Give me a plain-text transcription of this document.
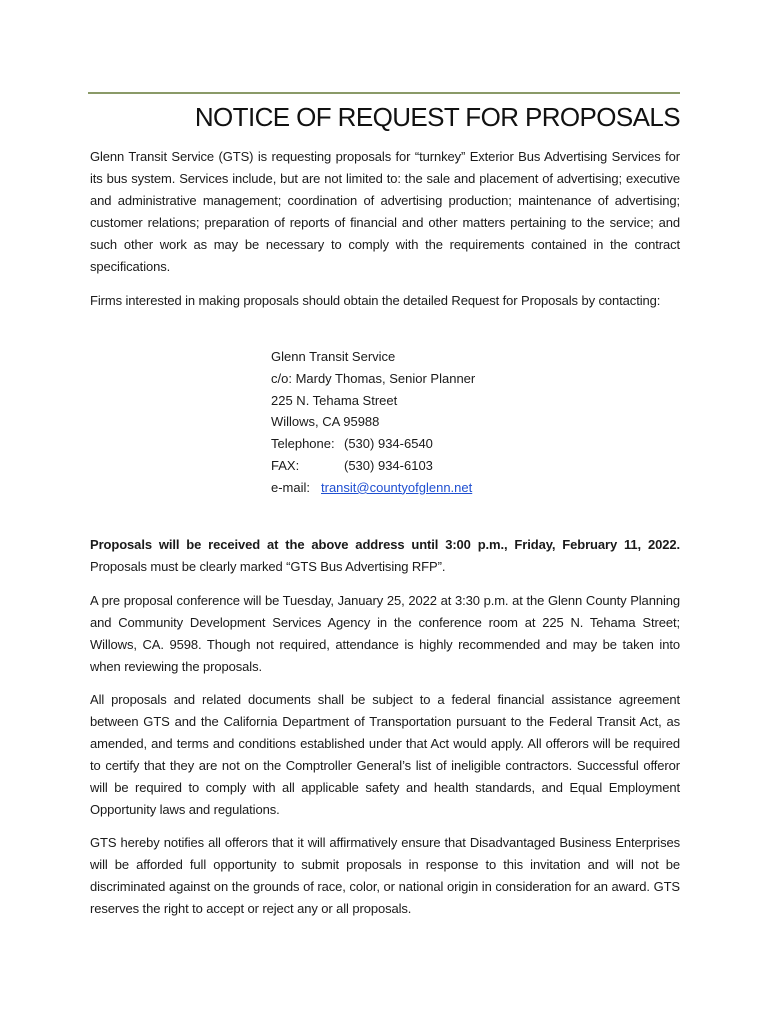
NOTICE OF REQUEST FOR PROPOSALS
Glenn Transit Service (GTS) is requesting proposals for “turnkey” Exterior Bus Advertising Services for its bus system. Services include, but are not limited to: the sale and placement of advertising; executive and administrative management; coordination of advertising production; maintenance of advertising; customer relations; preparation of reports of financial and other matters pertaining to the service; and such other work as may be necessary to comply with the requirements contained in the contract specifications.
Firms interested in making proposals should obtain the detailed Request for Proposals by contacting:
Glenn Transit Service
c/o: Mardy Thomas, Senior Planner
225 N. Tehama Street
Willows, CA 95988
Telephone: (530) 934-6540
FAX:	(530) 934-6103
e-mail: transit@countyofglenn.net
Proposals will be received at the above address until 3:00 p.m., Friday, February 11, 2022. Proposals must be clearly marked “GTS Bus Advertising RFP”.
A pre proposal conference will be Tuesday, January 25, 2022 at 3:30 p.m. at the Glenn County Planning and Community Development Services Agency in the conference room at 225 N. Tehama Street; Willows, CA. 9598. Though not required, attendance is highly recommended and may be taken into when reviewing the proposals.
All proposals and related documents shall be subject to a federal financial assistance agreement between GTS and the California Department of Transportation pursuant to the Federal Transit Act, as amended, and terms and conditions established under that Act would apply. All offerors will be required to certify that they are not on the Comptroller General’s list of ineligible contractors. Successful offeror will be required to comply with all applicable safety and health standards, and Equal Employment Opportunity laws and regulations.
GTS hereby notifies all offerors that it will affirmatively ensure that Disadvantaged Business Enterprises will be afforded full opportunity to submit proposals in response to this invitation and will not be discriminated against on the grounds of race, color, or national origin in consideration for an award. GTS reserves the right to accept or reject any or all proposals.
